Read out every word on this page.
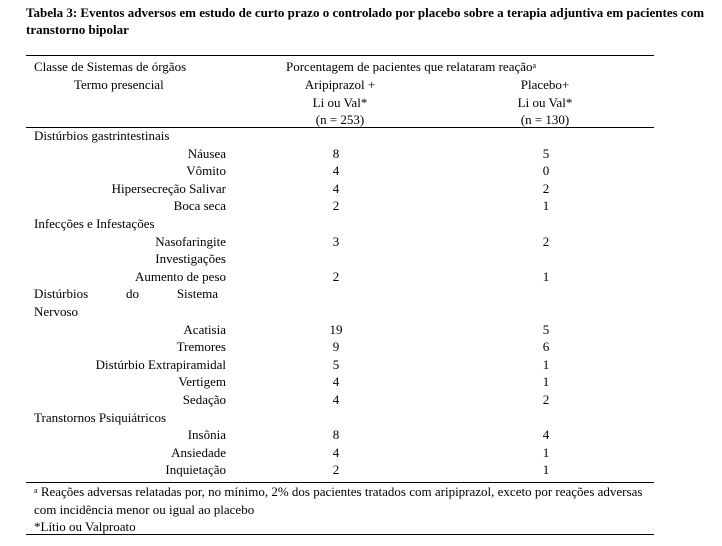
Tabela 3: Eventos adversos em estudo de curto prazo o controlado por placebo sobre a terapia adjuntiva em pacientes com transtorno bipolar
Classe de Sistemas de órgãos
Termo presencial
Porcentagem de pacientes que relataram reação$^a$
Aripiprazol +
Li ou Val*
(n = 253)
Placebo+
Li ou Val*
(n = 130)
Distúrbios gastrintestinais
Náusea	8	5
Vômito	4	0
Hipersecreção Salivar	4	2
Boca seca	2	1
Infecções e Infestações
Nasofaringite	3	2
Investigações
Aumento de peso	2	1
Distúrbios	do	Sistema
Nervoso
Acatisia	19	5
Tremores	9	6
Distúrbio Extrapiramidal	5	1
Vertigem	4	1
Sedação	4	2
Transtornos Psiquiátricos
Insônia	8	4
Ansiedade	4	1
Inquietação	2	1
$^a$ Reações adversas relatadas por, no mínimo, 2% dos pacientes tratados com aripiprazol, exceto por reações adversas com incidência menor ou igual ao placebo
*Lítio ou Valproato
